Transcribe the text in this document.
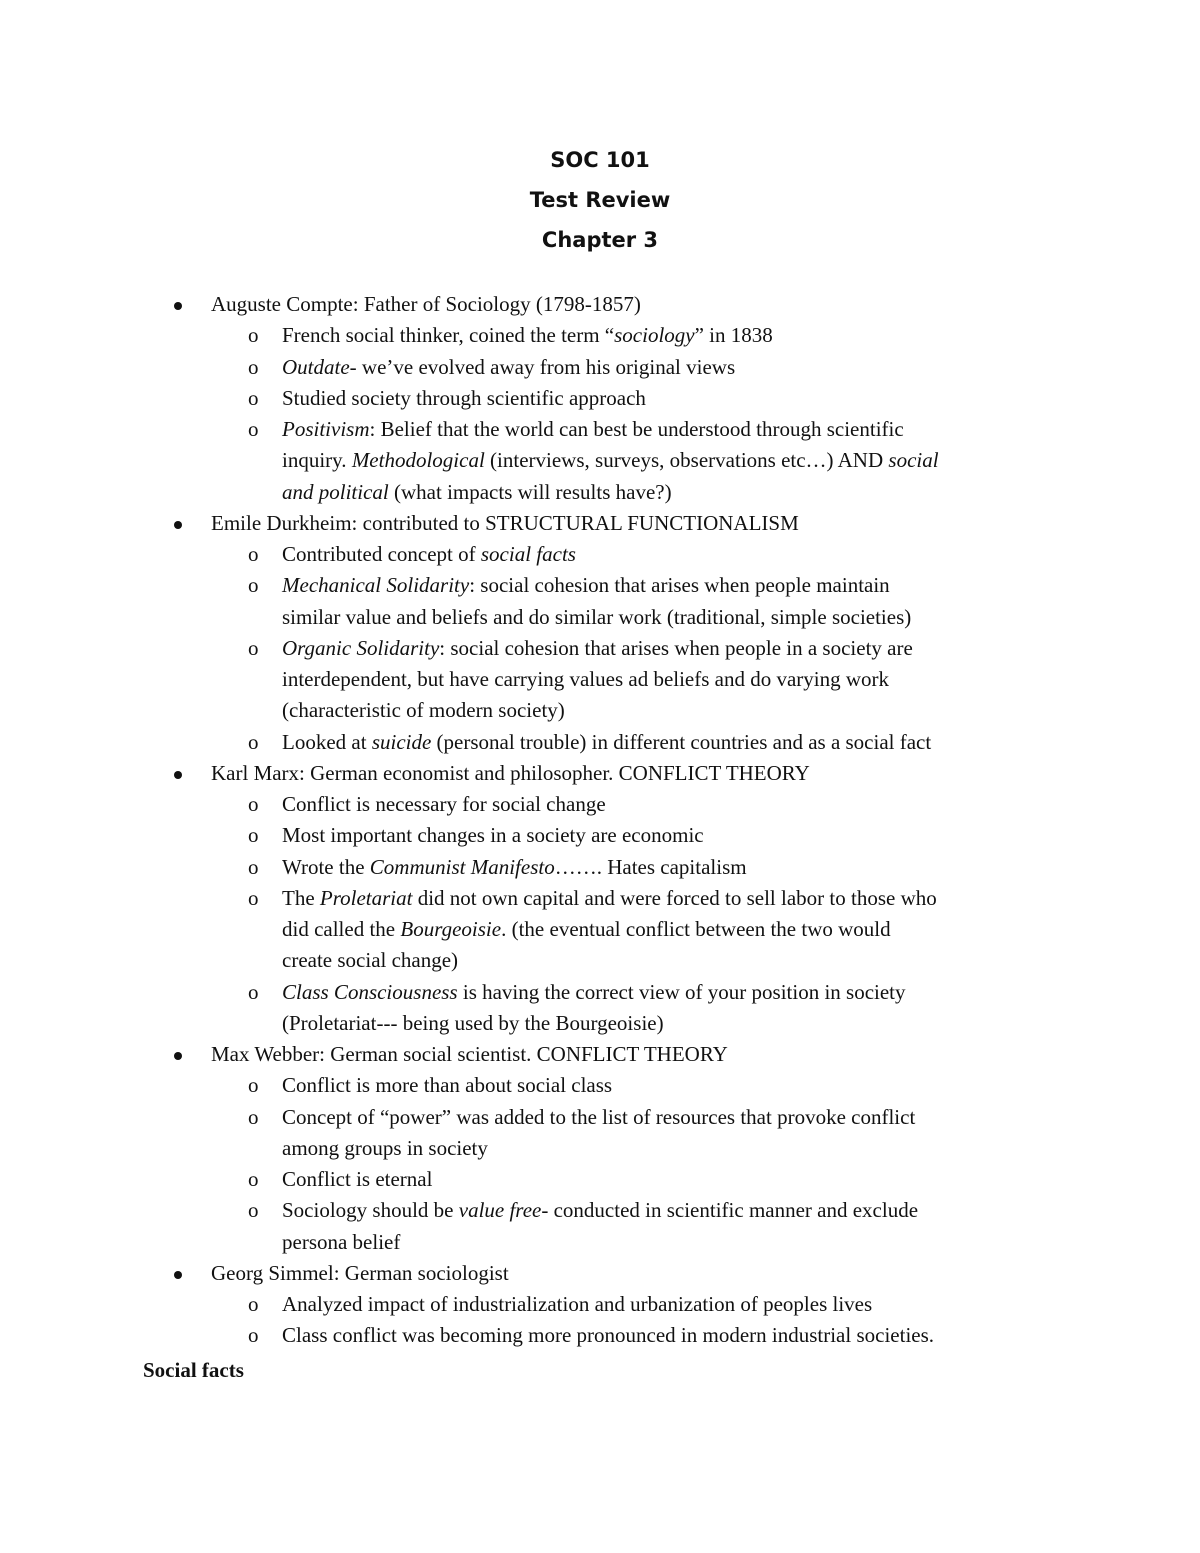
SOC 101
Test Review
Chapter 3
Auguste Compte: Father of Sociology (1798-1857)
o French social thinker, coined the term “sociology” in 1838
o Outdate- we’ve evolved away from his original views
o Studied society through scientific approach
o Positivism: Belief that the world can best be understood through scientific inquiry. Methodological (interviews, surveys, observations etc…) AND social and political (what impacts will results have?)
Emile Durkheim: contributed to STRUCTURAL FUNCTIONALISM
o Contributed concept of social facts
o Mechanical Solidarity: social cohesion that arises when people maintain similar value and beliefs and do similar work (traditional, simple societies)
o Organic Solidarity: social cohesion that arises when people in a society are interdependent, but have carrying values ad beliefs and do varying work (characteristic of modern society)
o Looked at suicide (personal trouble) in different countries and as a social fact
Karl Marx: German economist and philosopher. CONFLICT THEORY
o Conflict is necessary for social change
o Most important changes in a society are economic
o Wrote the Communist Manifesto……. Hates capitalism
o The Proletariat did not own capital and were forced to sell labor to those who did called the Bourgeoisie. (the eventual conflict between the two would create social change)
o Class Consciousness is having the correct view of your position in society (Proletariat--- being used by the Bourgeoisie)
Max Webber: German social scientist. CONFLICT THEORY
o Conflict is more than about social class
o Concept of “power” was added to the list of resources that provoke conflict among groups in society
o Conflict is eternal
o Sociology should be value free- conducted in scientific manner and exclude persona belief
Georg Simmel: German sociologist
o Analyzed impact of industrialization and urbanization of peoples lives
o Class conflict was becoming more pronounced in modern industrial societies.
Social facts
